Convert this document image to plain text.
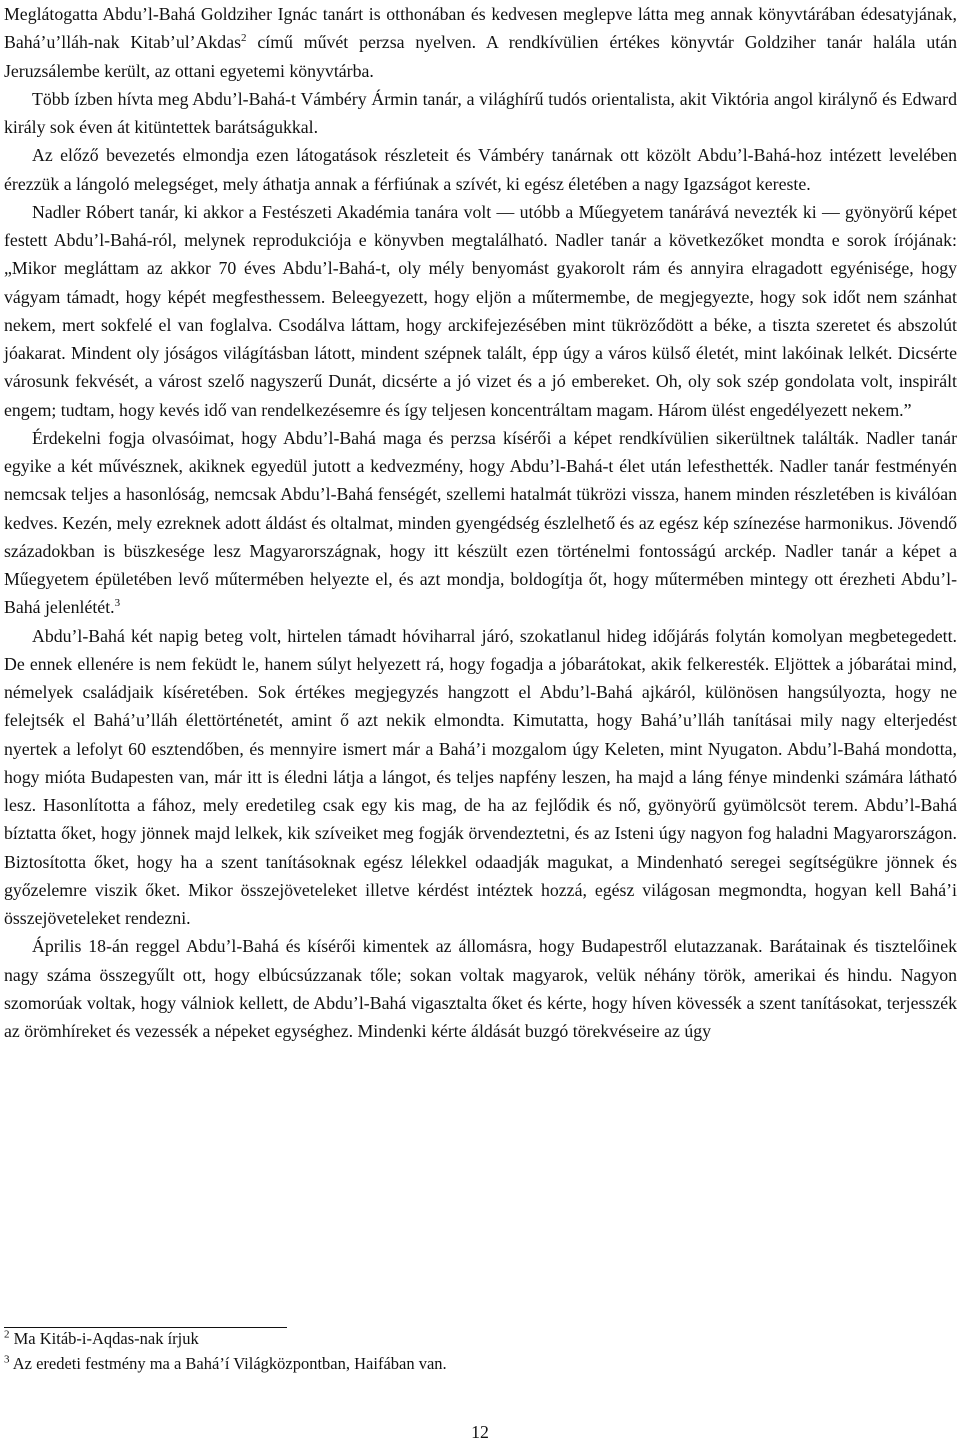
Meglátogatta Abdu’l-Bahá Goldziher Ignác tanárt is otthonában és kedvesen meglepve látta meg annak könyvtárában édesatyjának, Bahá’u’lláh-nak Kitab’ul’Akdas$^2$ című művét perzsa nyelven. A rendkívülien értékes könyvtár Goldziher tanár halála után Jeruzsálembe került, az ottani egyetemi könyvtárba.

Több ízben hívta meg Abdu’l-Bahá-t Vámbéry Ármin tanár, a világhírű tudós orientalista, akit Viktória angol királynő és Edward király sok éven át kitüntettek barátságukkal.

Az előző bevezetés elmondja ezen látogatások részleteit és Vámbéry tanárnak ott közölt Abdu’l-Bahá-hoz intézett levelében érezzük a lángoló melegséget, mely áthatja annak a férfiúnak a szívét, ki egész életében a nagy Igazságot kereste.

Nadler Róbert tanár, ki akkor a Festészeti Akadémia tanára volt — utóbb a Műegyetem tanárává nevezték ki — gyönyörű képet festett Abdu’l-Bahá-ról, melynek reprodukciója e könyvben megtalálható. Nadler tanár a következőket mondta e sorok írójának: „Mikor megláttam az akkor 70 éves Abdu’l-Bahá-t, oly mély benyomást gyakorolt rám és annyira elragadott egyénisége, hogy vágyam támadt, hogy képét megfesthessem. Beleegyezett, hogy eljön a műtermembe, de megjegyezte, hogy sok időt nem szánhat nekem, mert sokfelé el van foglalva. Csodálva láttam, hogy arckifejezésében mint tükröződött a béke, a tiszta szeretet és abszolút jóakarat. Mindent oly jóságos világításban látott, mindent szépnek talált, épp úgy a város külső életét, mint lakóinak lelkét. Dicsérte városunk fekvését, a várost szelő nagyszerű Dunát, dicsérte a jó vizet és a jó embereket. Oh, oly sok szép gondolata volt, inspirált engem; tudtam, hogy kevés idő van rendelkezésemre és így teljesen koncentráltam magam. Három ülést engedélyezett nekem.”

Érdekelni fogja olvasóimat, hogy Abdu’l-Bahá maga és perzsa kísérői a képet rendkívülien sikerültnek találták. Nadler tanár egyike a két művésznek, akiknek egyedül jutott a kedvezmény, hogy Abdu’l-Bahá-t élet után lefesthették. Nadler tanár festményén nemcsak teljes a hasonlóság, nemcsak Abdu’l-Bahá fenségét, szellemi hatalmát tükrözi vissza, hanem minden részletében is kiválóan kedves. Kezén, mely ezreknek adott áldást és oltalmat, minden gyengédség észlelhető és az egész kép színezése harmonikus. Jövendő századokban is büszkesége lesz Magyarországnak, hogy itt készült ezen történelmi fontosságú arckép. Nadler tanár a képet a Műegyetem épületében levő műtermében helyezte el, és azt mondja, boldogítja őt, hogy műtermében mintegy ott érezheti Abdu’l-Bahá jelenlétét.$^3$

Abdu’l-Bahá két napig beteg volt, hirtelen támadt hóviharral járó, szokatlanul hideg időjárás folytán komolyan megbetegedett. De ennek ellenére is nem feküdt le, hanem súlyt helyezett rá, hogy fogadja a jóbarátokat, akik felkeresték. Eljöttek a jóbarátai mind, némelyek családjaik kíséretében. Sok értékes megjegyzés hangzott el Abdu’l-Bahá ajkáról, különösen hangsúlyozta, hogy ne felejtsék el Bahá’u’lláh élettörténetét, amint ő azt nekik elmondta. Kimutatta, hogy Bahá’u’lláh tanításai mily nagy elterjedést nyertek a lefolyt 60 esztendőben, és mennyire ismert már a Bahá’i mozgalom úgy Keleten, mint Nyugaton. Abdu’l-Bahá mondotta, hogy mióta Budapesten van, már itt is éledni látja a lángot, és teljes napfény leszen, ha majd a láng fénye mindenki számára látható lesz. Hasonlította a fához, mely eredetileg csak egy kis mag, de ha az fejlődik és nő, gyönyörű gyümölcsöt terem. Abdu’l-Bahá bíztatta őket, hogy jönnek majd lelkek, kik szíveiket meg fogják örvendeztetni, és az Isteni úgy nagyon fog haladni Magyarországon. Biztosította őket, hogy ha a szent tanításoknak egész lélekkel odaadják magukat, a Mindenható seregei segítségükre jönnek és győzelemre viszik őket. Mikor összejöveteleket illetve kérdést intéztek hozzá, egész világosan megmondta, hogyan kell Bahá’i összejöveteleket rendezni.

Április 18-án reggel Abdu’l-Bahá és kísérői kimentek az állomásra, hogy Budapestről elutazzanak. Barátainak és tisztelőinek nagy száma összegyűlt ott, hogy elbúcsúzzanak tőle; sokan voltak magyarok, velük néhány török, amerikai és hindu. Nagyon szomorúak voltak, hogy válniok kellett, de Abdu’l-Bahá vigasztalta őket és kérte, hogy híven kövessék a szent tanításokat, terjesszék az örömhíreket és vezessék a népeket egységhez. Mindenki kérte áldását buzgó törekvéseire az úgy

$^2$ Ma Kitáb-i-Aqdas-nak írjuk

$^3$ Az eredeti festmény ma a Bahá’í Világközpontban, Haifában van.

12
